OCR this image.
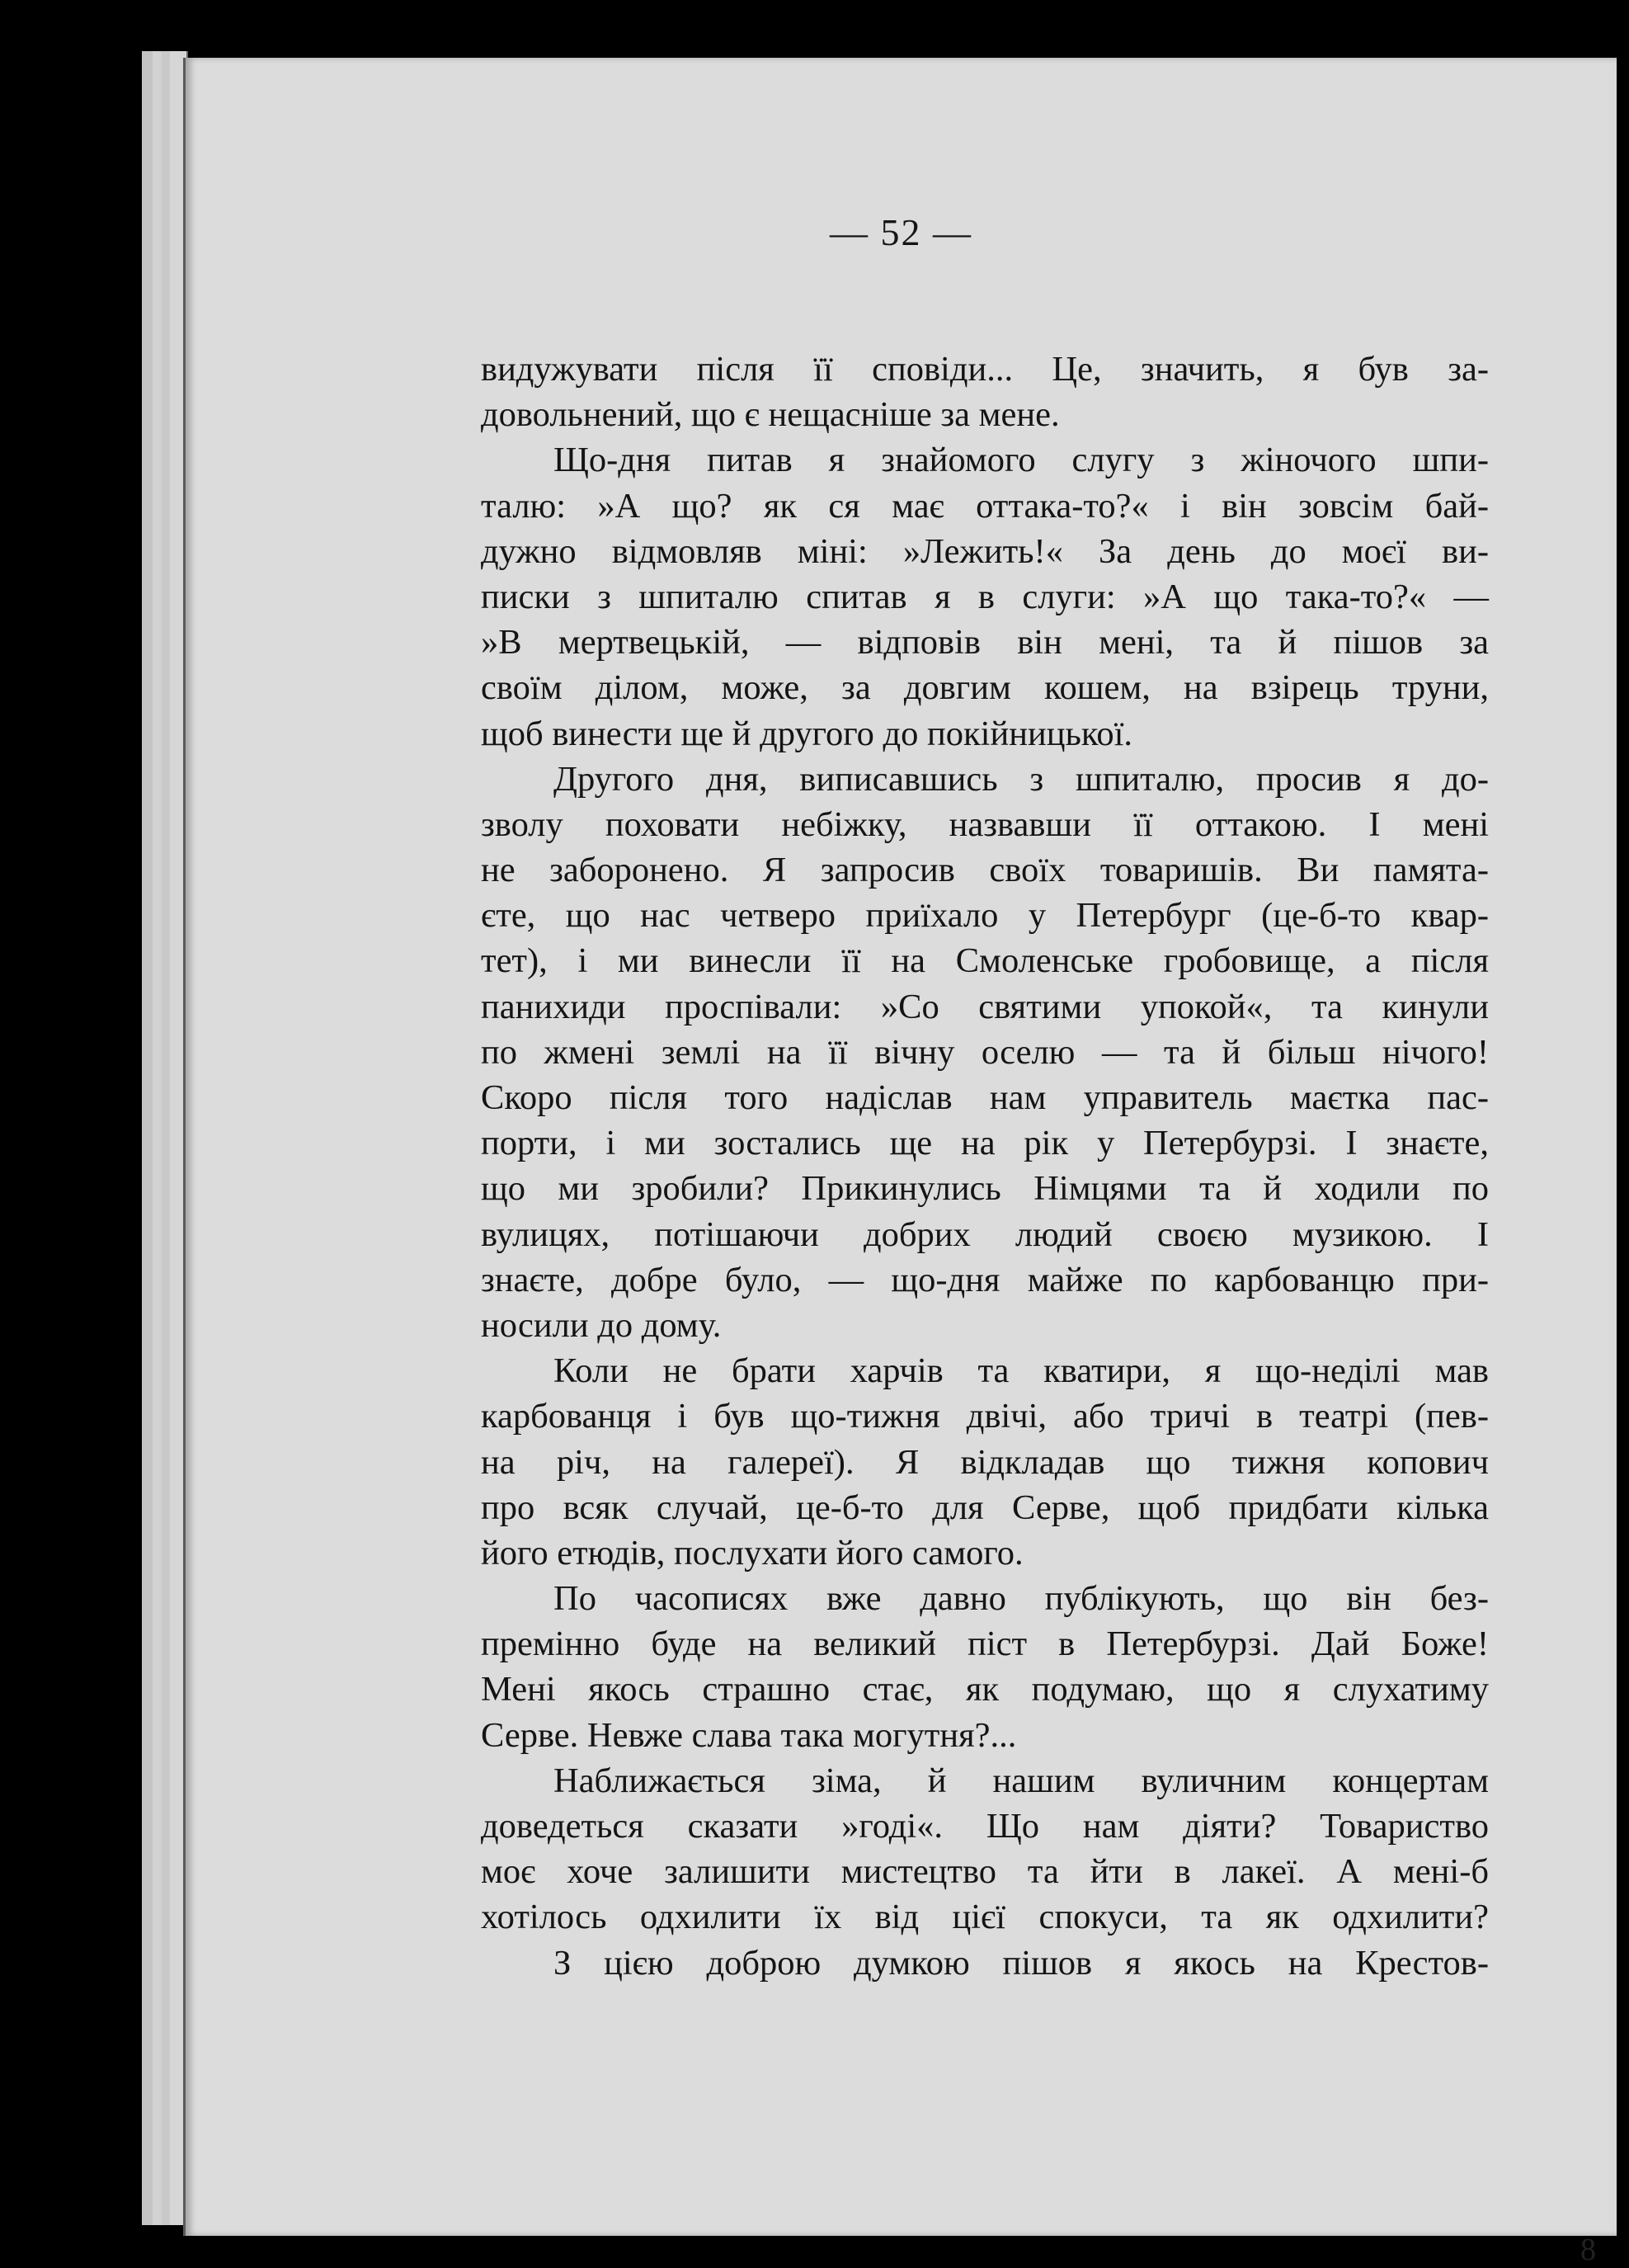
— 52 —
видужувати після її сповіди... Це, значить, я був за-
довольнений, що є нещасніше за мене.
Що-дня питав я знайомого слугу з жіночого шпи-
талю: »А що? як ся має оттака-то?« і він зовсім бай-
дужно відмовляв міні: »Лежить!« За день до моєї ви-
писки з шпиталю спитав я в слуги: »А що така-то?« —
»В мертвецькій, — відповів він мені, та й пішов за
своїм ділом, може, за довгим кошем, на взірець труни,
щоб винести ще й другого до покійницької.
Другого дня, виписавшись з шпиталю, просив я до-
зволу поховати небіжку, назвавши її оттакою. І мені
не заборонено. Я запросив своїх товаришів. Ви памята-
єте, що нас четверо приїхало у Петербург (це-б-то квар-
тет), і ми винесли її на Смоленське гробовище, а після
панихиди проспівали: »Со святими упокой«, та кинули
по жмені землі на її вічну оселю — та й більш нічого!
Скоро після того надіслав нам управитель маєтка пас-
порти, і ми зостались ще на рік у Петербурзі. І знаєте,
що ми зробили? Прикинулись Німцями та й ходили по
вулицях, потішаючи добрих людий своєю музикою. І
знаєте, добре було, — що-дня майже по карбованцю при-
носили до дому.
Коли не брати харчів та кватири, я що-неділі мав
карбованця і був що-тижня двічі, або тричі в театрі (пев-
на річ, на галереї). Я відкладав що тижня копович
про всяк случай, це-б-то для Серве, щоб придбати кілька
його етюдів, послухати його самого.
По часописях вже давно публікують, що він без-
премінно буде на великий піст в Петербурзі. Дай Боже!
Мені якось страшно стає, як подумаю, що я слухатиму
Серве. Невже слава така могутня?...
Наближається зіма, й нашим вуличним концертам
доведеться сказати »годі«. Що нам діяти? Товариство
моє хоче залишити мистецтво та йти в лакеї. А мені-б
хотілось одхилити їх від цієї спокуси, та як одхилити?
З цією доброю думкою пішов я якось на Крестов-
8
